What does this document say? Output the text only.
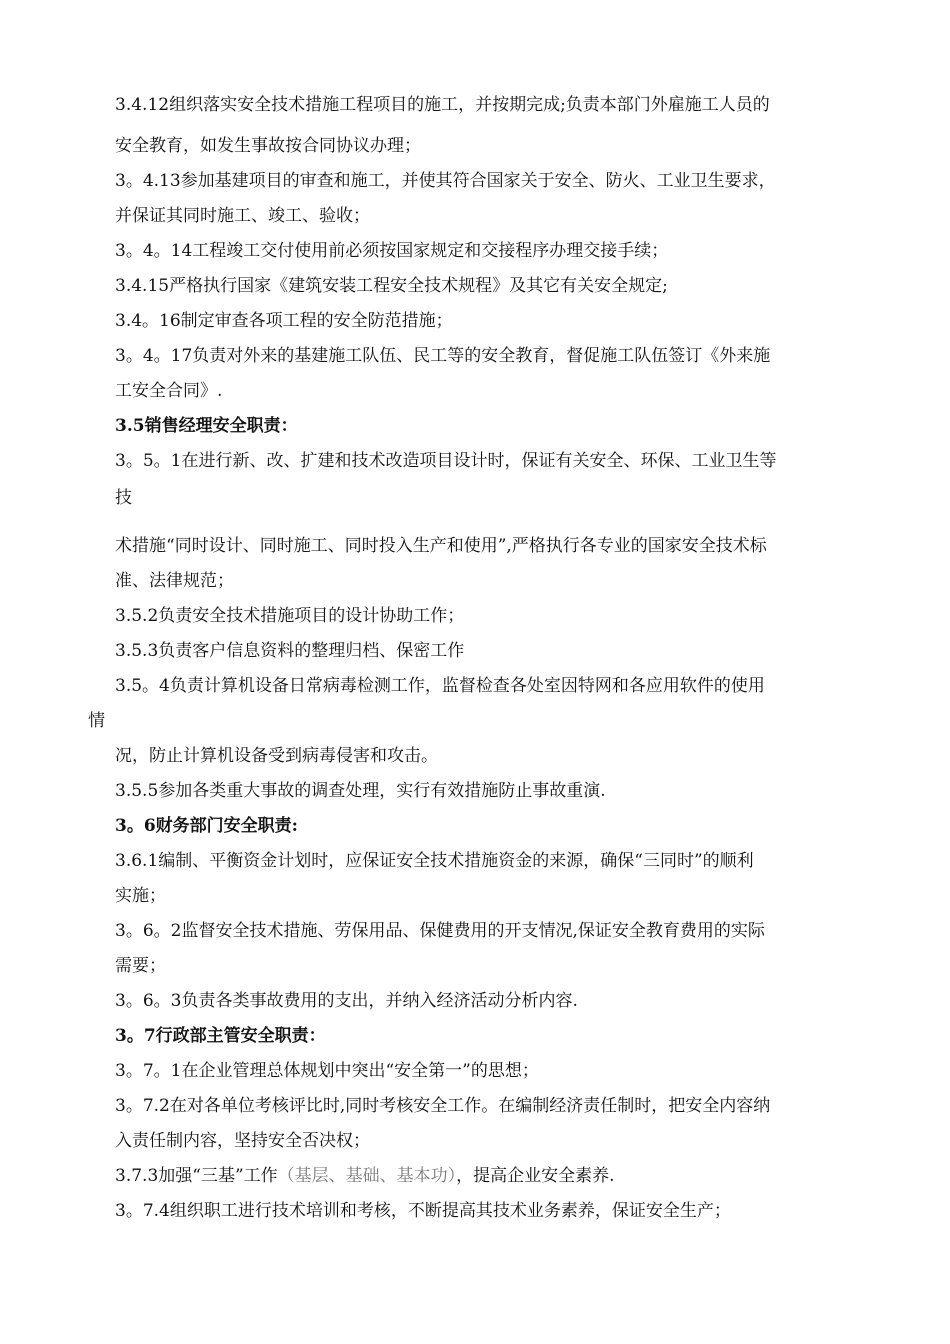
3.4.12组织落实安全技术措施工程项目的施工，并按期完成;负责本部门外雇施工人员的
安全教育，如发生事故按合同协议办理；
3。4.13参加基建项目的审查和施工，并使其符合国家关于安全、防火、工业卫生要求，
并保证其同时施工、竣工、验收；
3。4。14工程竣工交付使用前必须按国家规定和交接程序办理交接手续；
3.4.15严格执行国家《建筑安装工程安全技术规程》及其它有关安全规定;
3.4。16制定审查各项工程的安全防范措施；
3。4。17负责对外来的基建施工队伍、民工等的安全教育，督促施工队伍签订《外来施
工安全合同》.
3.5销售经理安全职责：
3。5。1在进行新、改、扩建和技术改造项目设计时，保证有关安全、环保、工业卫生等
技
术措施“同时设计、同时施工、同时投入生产和使用”,严格执行各专业的国家安全技术标
准、法律规范；
3.5.2负责安全技术措施项目的设计协助工作；
3.5.3负责客户信息资料的整理归档、保密工作
3.5。4负责计算机设备日常病毒检测工作，监督检查各处室因特网和各应用软件的使用
情
况，防止计算机设备受到病毒侵害和攻击。
3.5.5参加各类重大事故的调查处理，实行有效措施防止事故重演.
3。6财务部门安全职责:
3.6.1编制、平衡资金计划时，应保证安全技术措施资金的来源，确保“三同时”的顺利
实施；
3。6。2监督安全技术措施、劳保用品、保健费用的开支情况,保证安全教育费用的实际
需要；
3。6。3负责各类事故费用的支出，并纳入经济活动分析内容.
3。7行政部主管安全职责：
3。7。1在企业管理总体规划中突出“安全第一”的思想；
3。7.2在对各单位考核评比时,同时考核安全工作。在编制经济责任制时，把安全内容纳
入责任制内容，坚持安全否决权；
3.7.3加强“三基”工作（基层、基础、基本功），提高企业安全素养.
3。7.4组织职工进行技术培训和考核，不断提高其技术业务素养，保证安全生产；
